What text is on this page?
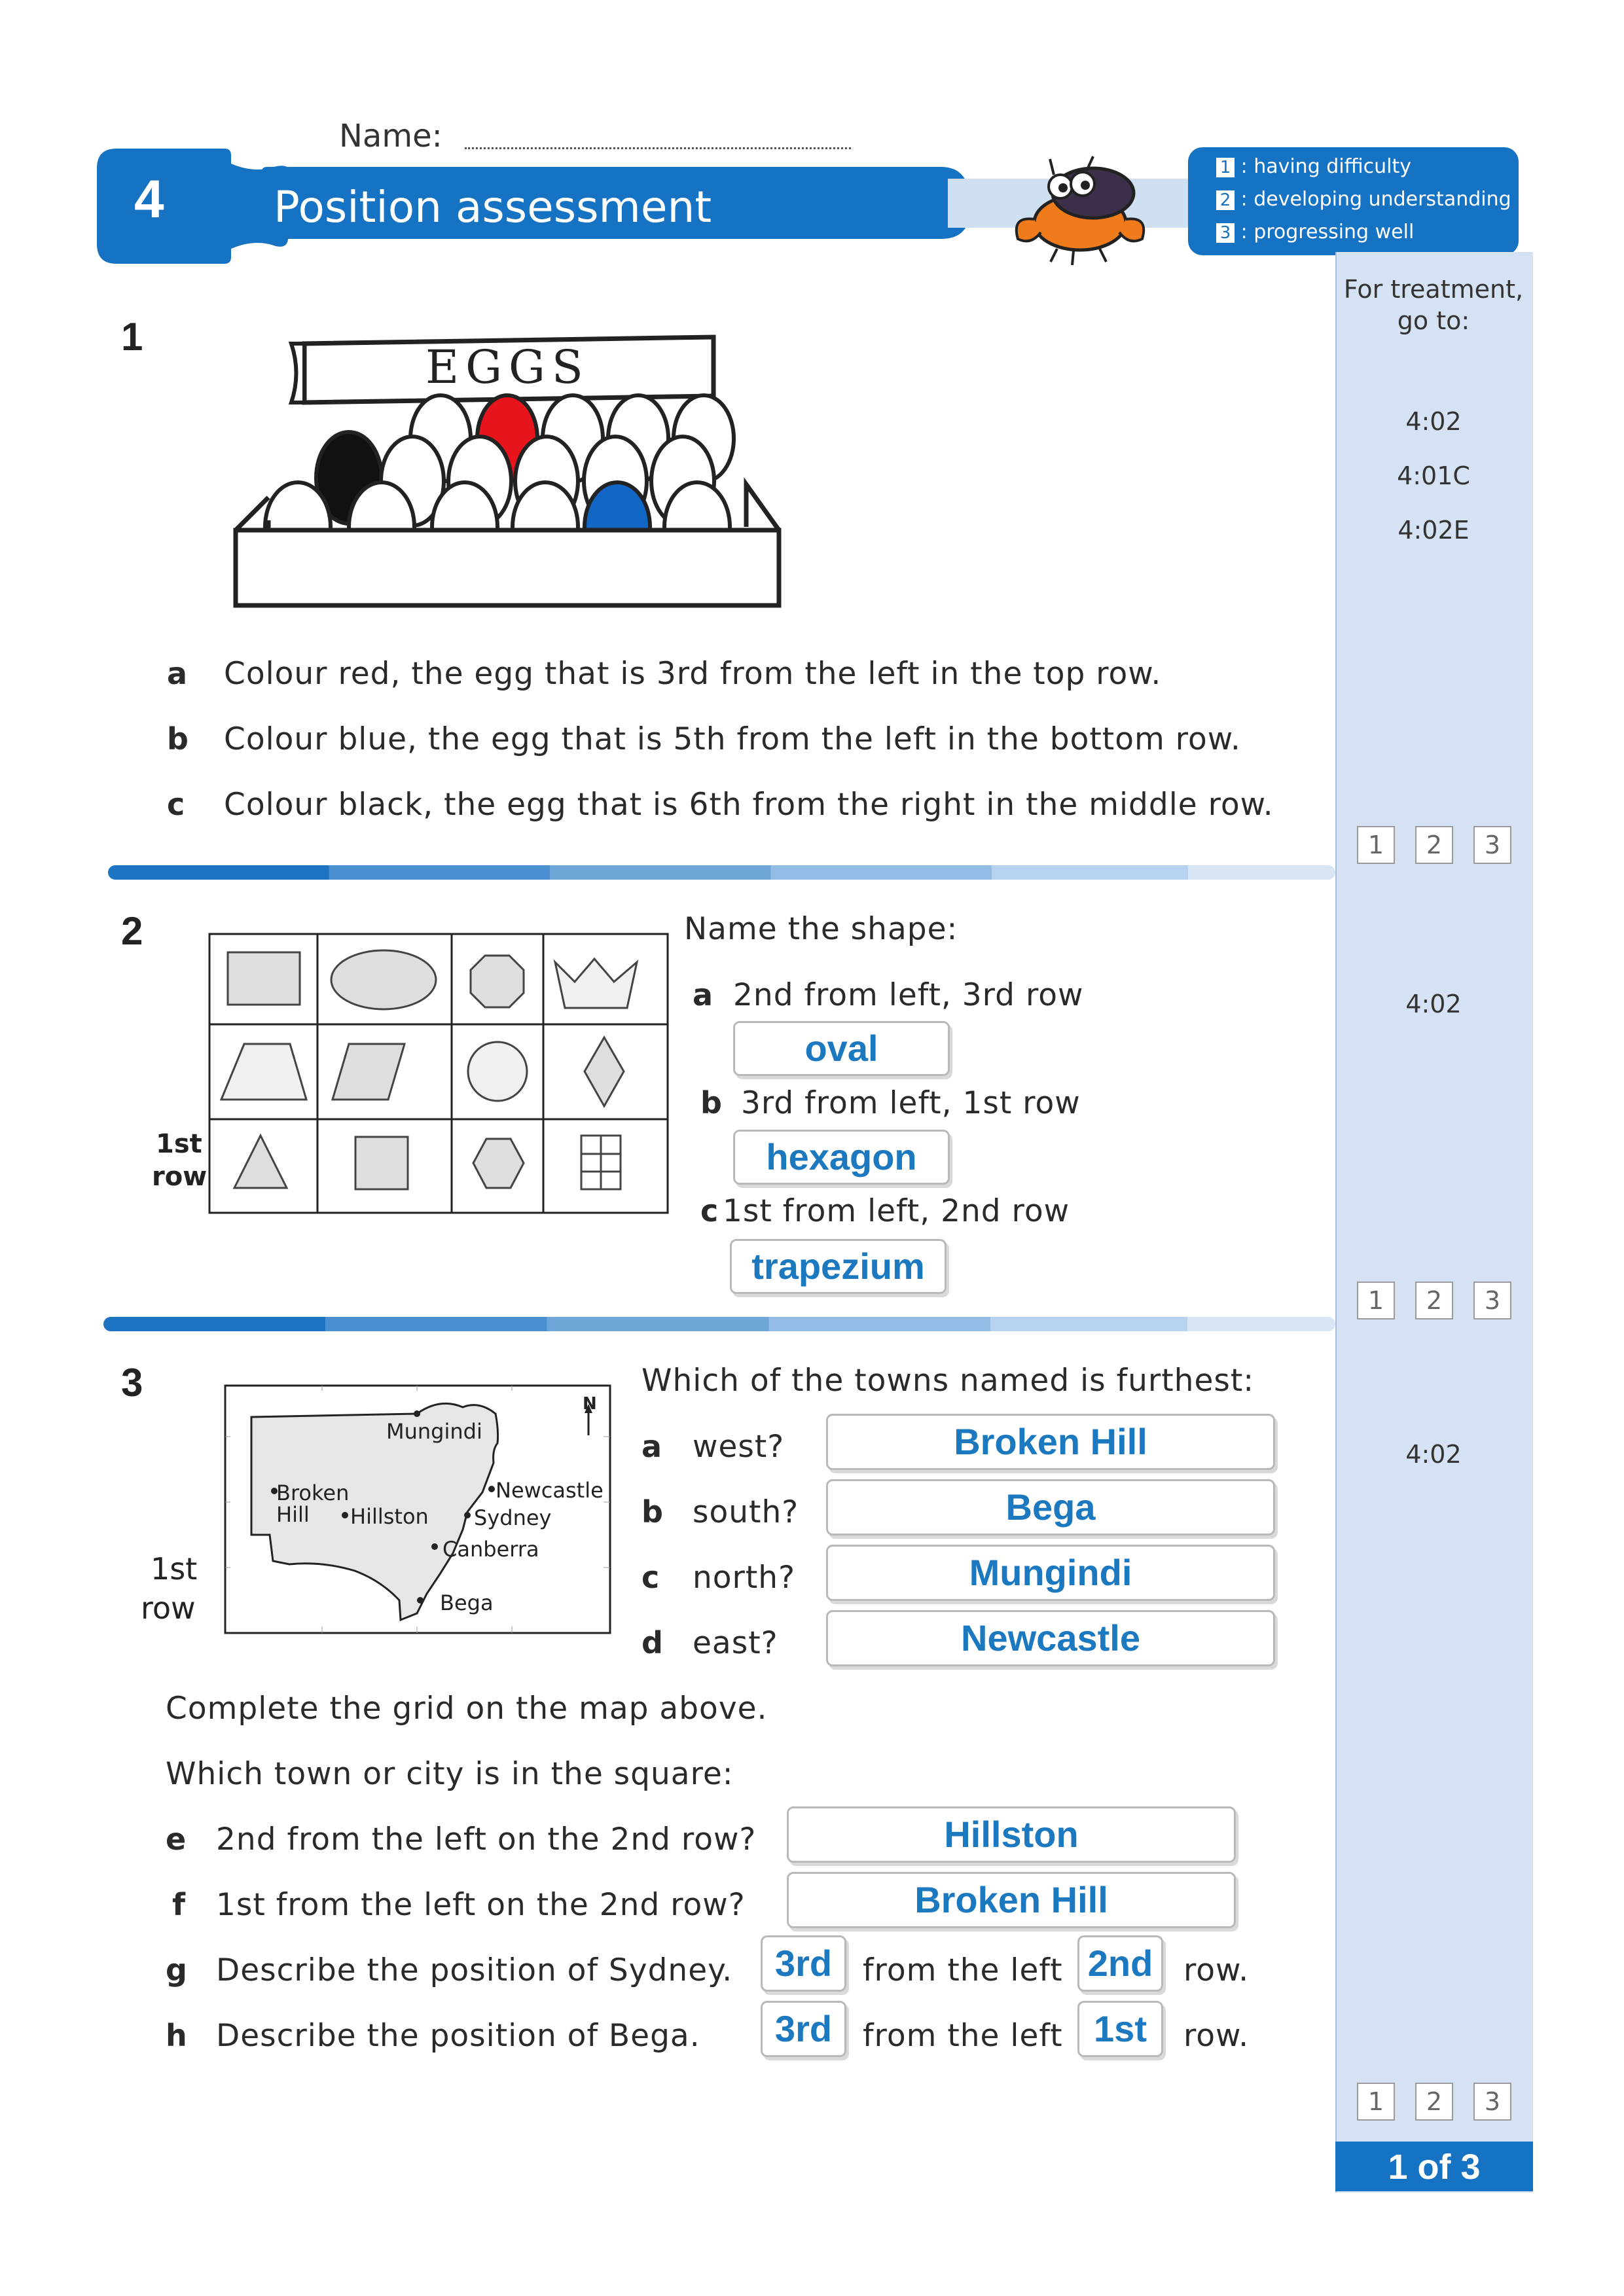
Name:
4	Position assessment
1 : having difficulty
2 : developing understanding
3 : progressing well
For treatment,
go to:
4:02
4:01C
4:02E
4:02
4:02
1	2	3
1	2	3
1	2	3
1 of 3
1
EGGS
a Colour red, the egg that is 3rd from the left in the top row.
b Colour blue, the egg that is 5th from the left in the bottom row.
c Colour black, the egg that is 6th from the right in the middle row.
2
1st
row
Name the shape:
a 2nd from left, 3rd row
oval
b 3rd from left, 1st row
hexagon
c 1st from left, 2nd row
trapezium
3	N
Mungindi
Broken
Hill Hillston
Newcastle
Sydney
Canberra
Bega
1st
row
Which of the towns named is furthest:
a west?	Broken Hill
b south?	Bega
c north?	Mungindi
d east?	Newcastle
Complete the grid on the map above.
Which town or city is in the square:
e 2nd from the left on the 2nd row?	Hillston
f 1st from the left on the 2nd row?	Broken Hill
g Describe the position of Sydney.	3rd from the left 2nd row.
h Describe the position of Bega.	3rd from the left 1st	row.
